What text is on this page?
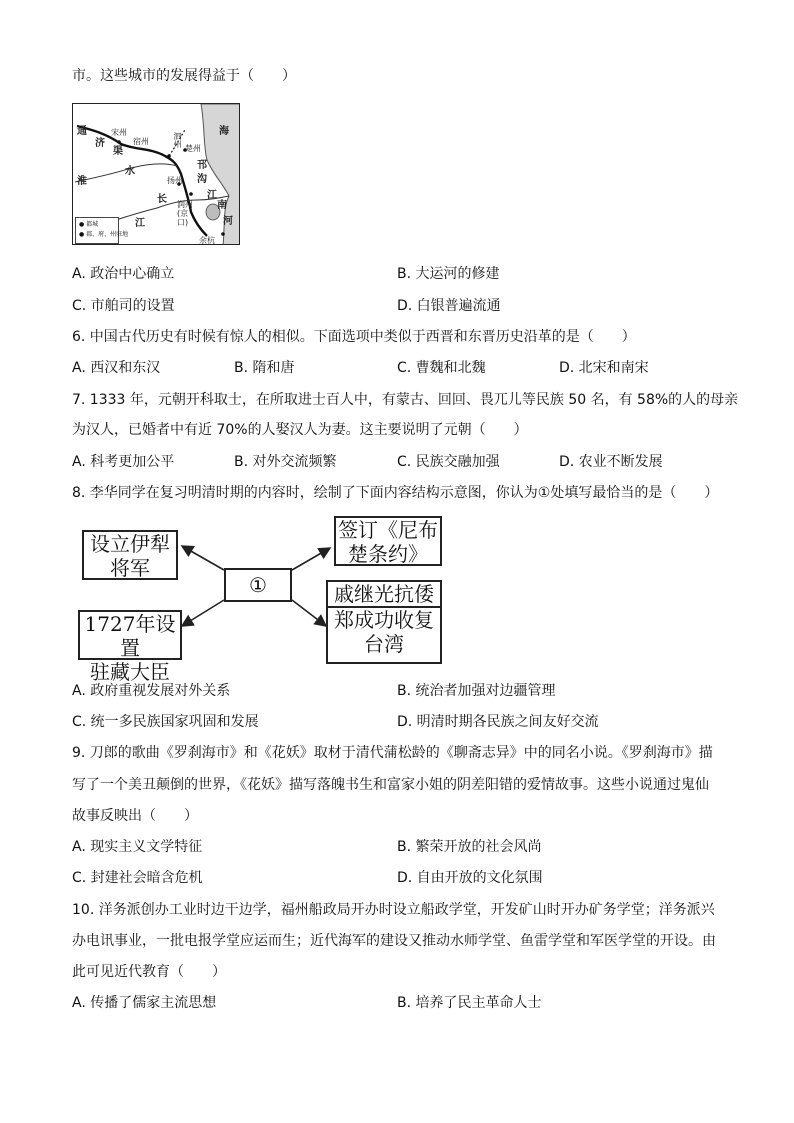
市。这些城市的发展得益于（　　）
海
宋州
宿州	泗州
楚州
邗
沟
扬州
润州(京口)
江
南
河
余杭
通
济
渠
水
淮
长
江
● 都城
● 郡、府、州驻地
A. 政治中心确立	B. 大运河的修建
C. 市舶司的设置	D. 白银普遍流通
6. 中国古代历史有时候有惊人的相似。下面选项中类似于西晋和东晋历史沿革的是（　　）
A. 西汉和东汉	B. 隋和唐	C. 曹魏和北魏	D. 北宋和南宋
7. 1333 年，元朝开科取士，在所取进士百人中，有蒙古、回回、畏兀儿等民族 50 名，有 58%的人的母亲
为汉人，已婚者中有近 70%的人娶汉人为妻。这主要说明了元朝（　　）
A. 科考更加公平	B. 对外交流频繁	C. 民族交融加强	D. 农业不断发展
8. 李华同学在复习明清时期的内容时，绘制了下面内容结构示意图，你认为①处填写最恰当的是（　　）
设立伊犁
将军
①
1727年设置
驻藏大臣
签订《尼布
楚条约》
戚继光抗倭
郑成功收复
台湾
A. 政府重视发展对外关系	B. 统治者加强对边疆管理
C. 统一多民族国家巩固和发展	D. 明清时期各民族之间友好交流
9. 刀郎的歌曲《罗刹海市》和《花妖》取材于清代蒲松龄的《聊斋志异》中的同名小说。《罗刹海市》描
写了一个美丑颠倒的世界，《花妖》描写落魄书生和富家小姐的阴差阳错的爱情故事。这些小说通过鬼仙
故事反映出（　　）
A. 现实主义文学特征	B. 繁荣开放的社会风尚
C. 封建社会暗含危机	D. 自由开放的文化氛围
10. 洋务派创办工业时边干边学，福州船政局开办时设立船政学堂，开发矿山时开办矿务学堂；洋务派兴
办电讯事业，一批电报学堂应运而生；近代海军的建设又推动水师学堂、鱼雷学堂和军医学堂的开设。由
此可见近代教育（　　）
A. 传播了儒家主流思想	B. 培养了民主革命人士
